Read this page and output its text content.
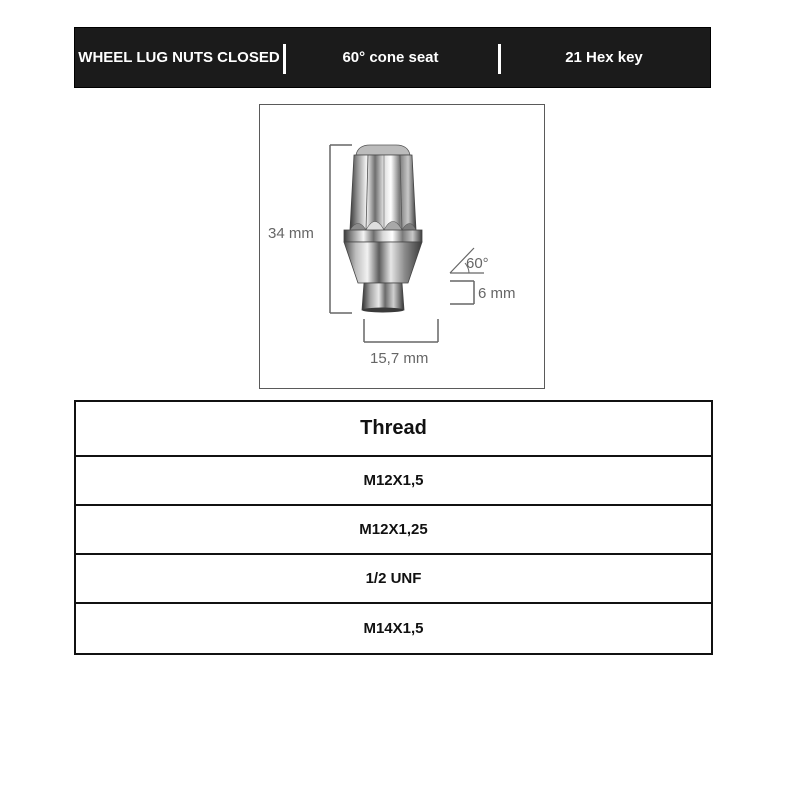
WHEEL LUG NUTS CLOSED	60° cone seat	21 Hex key
34 mm
60°
6 mm
15,7 mm
Thread
M12X1,5
M12X1,25
1/2 UNF
M14X1,5
